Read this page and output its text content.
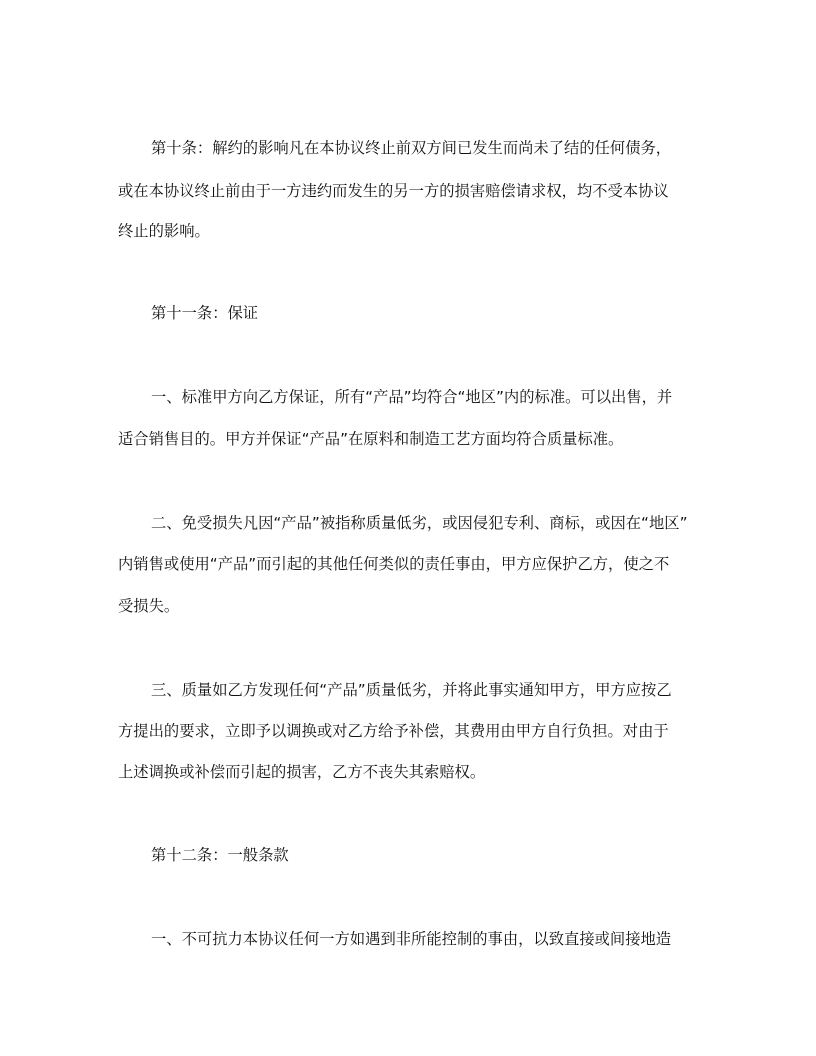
第十条：解约的影响凡在本协议终止前双方间已发生而尚未了结的任何债务，
或在本协议终止前由于一方违约而发生的另一方的损害赔偿请求权，均不受本协议
终止的影响。
第十一条：保证
一、标准甲方向乙方保证，所有“产品”均符合“地区”内的标准。可以出售，并
适合销售目的。甲方并保证“产品”在原料和制造工艺方面均符合质量标准。
二、免受损失凡因“产品”被指称质量低劣，或因侵犯专利、商标，或因在“地区”
内销售或使用“产品”而引起的其他任何类似的责任事由，甲方应保护乙方，使之不
受损失。
三、质量如乙方发现任何“产品”质量低劣，并将此事实通知甲方，甲方应按乙
方提出的要求，立即予以调换或对乙方给予补偿，其费用由甲方自行负担。对由于
上述调换或补偿而引起的损害，乙方不丧失其索赔权。
第十二条：一般条款
一、不可抗力本协议任何一方如遇到非所能控制的事由，以致直接或间接地造
